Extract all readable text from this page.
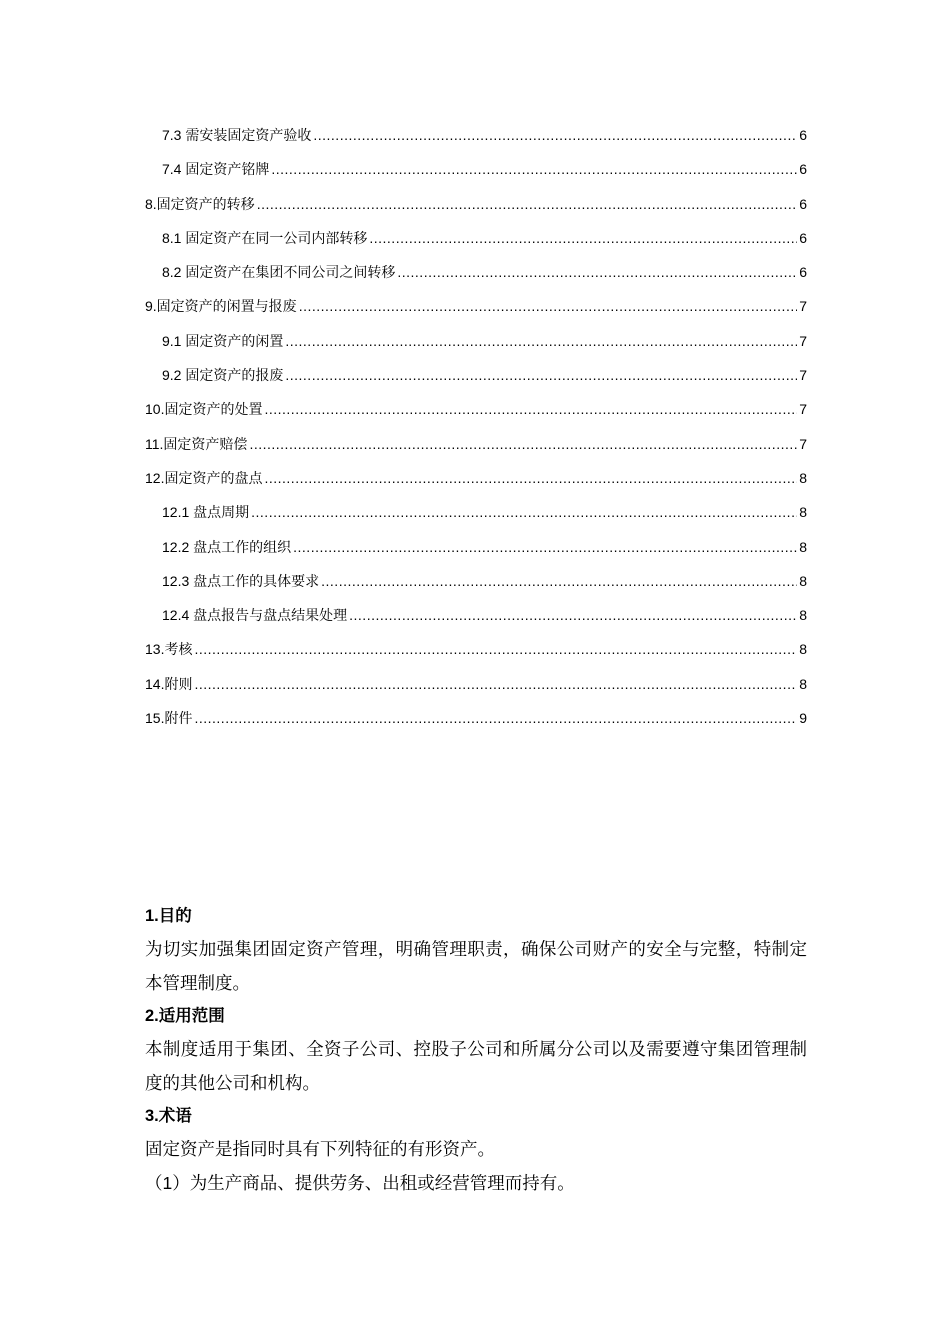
7.3 需安装固定资产验收 .....	6
7.4 固定资产铭牌 .....	6
8.固定资产的转移 .....	6
8.1 固定资产在同一公司内部转移 .....	6
8.2 固定资产在集团不同公司之间转移 .....	6
9.固定资产的闲置与报废 .....	7
9.1 固定资产的闲置 .....	7
9.2 固定资产的报废 .....	7
10.固定资产的处置 .....	7
11.固定资产赔偿 .....	7
12.固定资产的盘点 .....	8
12.1 盘点周期 .....	8
12.2 盘点工作的组织 .....	8
12.3 盘点工作的具体要求 .....	8
12.4 盘点报告与盘点结果处理 .....	8
13.考核 .....	8
14.附则 .....	8
15.附件 .....	9
1.目的
为切实加强集团固定资产管理，明确管理职责，确保公司财产的安全与完整，特制定本管理制度。
2.适用范围
本制度适用于集团、全资子公司、控股子公司和所属分公司以及需要遵守集团管理制度的其他公司和机构。
3.术语
固定资产是指同时具有下列特征的有形资产。
（1）为生产商品、提供劳务、出租或经营管理而持有。
